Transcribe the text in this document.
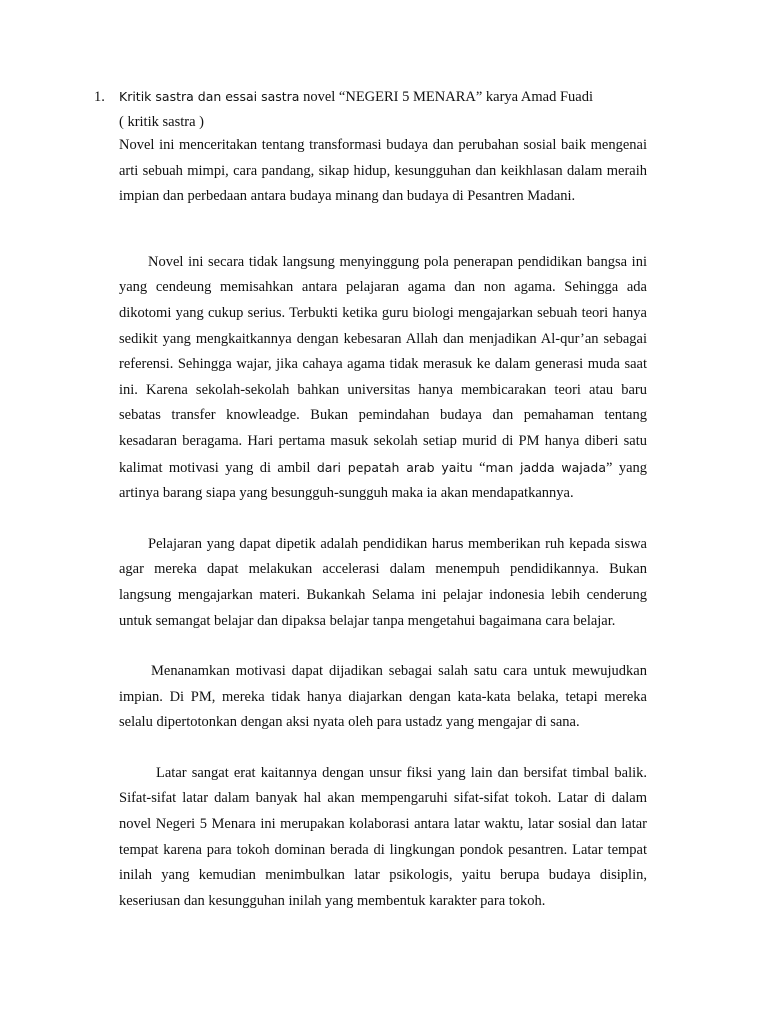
1. Kritik sastra dan essai sastra novel “NEGERI 5 MENARA” karya Amad Fuadi
( kritik sastra )

Novel ini menceritakan tentang transformasi budaya dan perubahan sosial baik mengenai arti sebuah mimpi, cara pandang, sikap hidup, kesungguhan dan keikhlasan dalam meraih impian dan perbedaan antara budaya minang dan budaya di Pesantren Madani.

Novel ini secara tidak langsung menyinggung pola penerapan pendidikan bangsa ini yang cendeung memisahkan antara pelajaran agama dan non agama. Sehingga ada dikotomi yang cukup serius. Terbukti ketika guru biologi mengajarkan sebuah teori hanya sedikit yang mengkaitkannya dengan kebesaran Allah dan menjadikan Al-qur’an sebagai referensi. Sehingga wajar, jika cahaya agama tidak merasuk ke dalam generasi muda saat ini. Karena sekolah-sekolah bahkan universitas hanya membicarakan teori atau baru sebatas transfer knowleadge. Bukan pemindahan budaya dan pemahaman tentang kesadaran beragama. Hari pertama masuk sekolah setiap murid di PM hanya diberi satu kalimat motivasi yang di ambil dari pepatah arab yaitu “man jadda wajada” yang artinya barang siapa yang besungguh-sungguh maka ia akan mendapatkannya.

Pelajaran yang dapat dipetik adalah pendidikan harus memberikan ruh kepada siswa agar mereka dapat melakukan accelerasi dalam menempuh pendidikannya. Bukan langsung mengajarkan materi. Bukankah Selama ini pelajar indonesia lebih cenderung untuk semangat belajar dan dipaksa belajar tanpa mengetahui bagaimana cara belajar.

Menanamkan motivasi dapat dijadikan sebagai salah satu cara untuk mewujudkan impian. Di PM, mereka tidak hanya diajarkan dengan kata-kata belaka, tetapi mereka selalu dipertotonkan dengan aksi nyata oleh para ustadz yang mengajar di sana.

Latar sangat erat kaitannya dengan unsur fiksi yang lain dan bersifat timbal balik. Sifat-sifat latar dalam banyak hal akan mempengaruhi sifat-sifat tokoh. Latar di dalam novel Negeri 5 Menara ini merupakan kolaborasi antara latar waktu, latar sosial dan latar tempat karena para tokoh dominan berada di lingkungan pondok pesantren. Latar tempat inilah yang kemudian menimbulkan latar psikologis, yaitu berupa budaya disiplin, keseriusan dan kesungguhan inilah yang membentuk karakter para tokoh.
